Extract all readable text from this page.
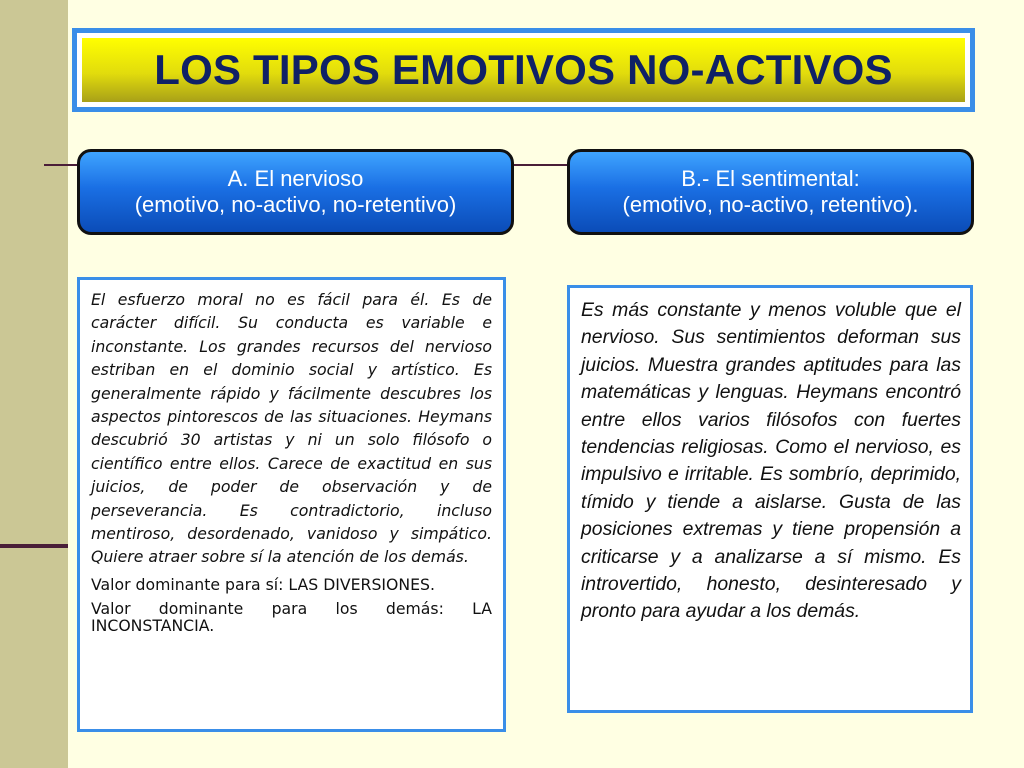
LOS TIPOS EMOTIVOS NO-ACTIVOS
A. El nervioso
(emotivo, no-activo, no-retentivo)
B.- El sentimental:
(emotivo, no-activo, retentivo).

El esfuerzo moral no es fácil para él. Es de carácter difícil. Su conducta es variable e inconstante. Los grandes recursos del nervioso estriban en el dominio social y artístico. Es generalmente rápido y fácilmente descubres los aspectos pintorescos de las situaciones. Heymans descubrió 30 artistas y ni un solo filósofo o científico entre ellos. Carece de exactitud en sus juicios, de poder de observación y de perseverancia. Es contradictorio, incluso mentiroso, desordenado, vanidoso y simpático. Quiere atraer sobre sí la atención de los demás.

Valor dominante para sí: LAS DIVERSIONES.

Valor dominante para los demás: LA INCONSTANCIA.

Es más constante y menos voluble que el nervioso. Sus sentimientos deforman sus juicios. Muestra grandes aptitudes para las matemáticas y lenguas. Heymans encontró entre ellos varios filósofos con fuertes tendencias religiosas. Como el nervioso, es impulsivo e irritable. Es sombrío, deprimido, tímido y tiende a aislarse. Gusta de las posiciones extremas y tiene propensión a criticarse y a analizarse a sí mismo. Es introvertido, honesto, desinteresado y pronto para ayudar a los demás.
